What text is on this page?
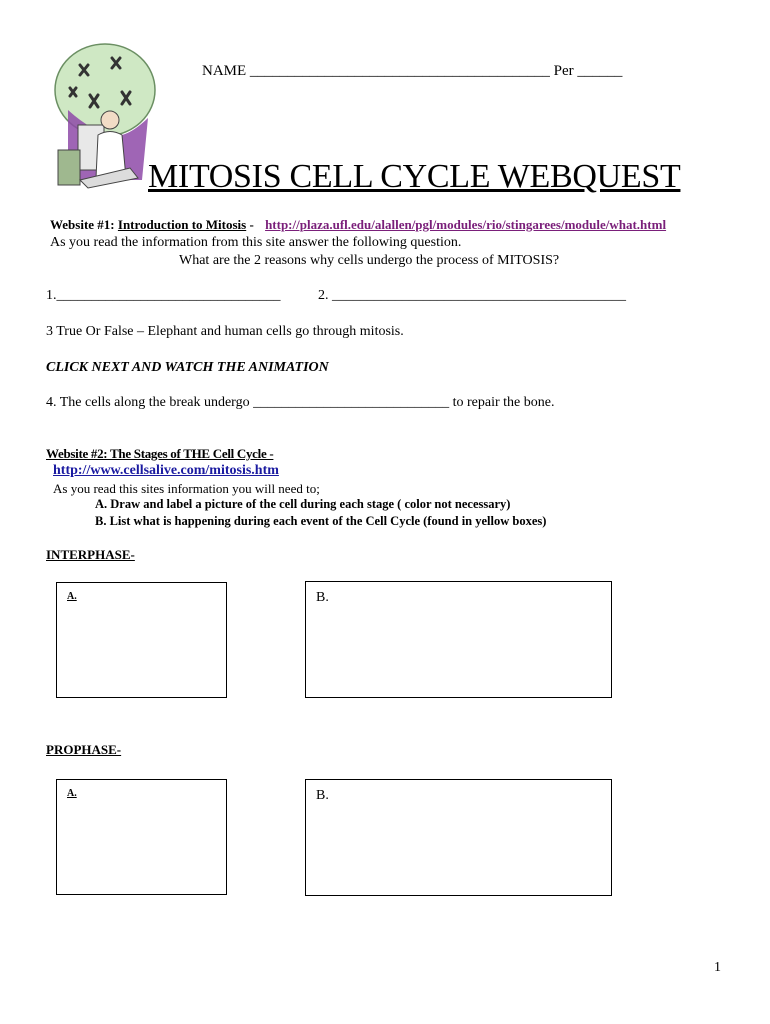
NAME ________________________________________ Per ______
MITOSIS CELL CYCLE WEBQUEST
Website #1: Introduction to Mitosis - http://plaza.ufl.edu/alallen/pgl/modules/rio/stingarees/module/what.html
As you read the information from this site answer the following question.
What are the 2 reasons why cells undergo the process of MITOSIS?
1.________________________________	2. __________________________________________
3 True Or False – Elephant and human cells go through mitosis.
CLICK NEXT AND WATCH THE ANIMATION
4. The cells along the break undergo ____________________________ to repair the bone.
Website #2: The Stages of THE Cell Cycle -
http://www.cellsalive.com/mitosis.htm
As you read this sites information you will need to;
A. Draw and label a picture of the cell during each stage ( color not necessary)
B. List what is happening during each event of the Cell Cycle (found in yellow boxes)
INTERPHASE-
A.	B.
PROPHASE-
A.	B.
1
